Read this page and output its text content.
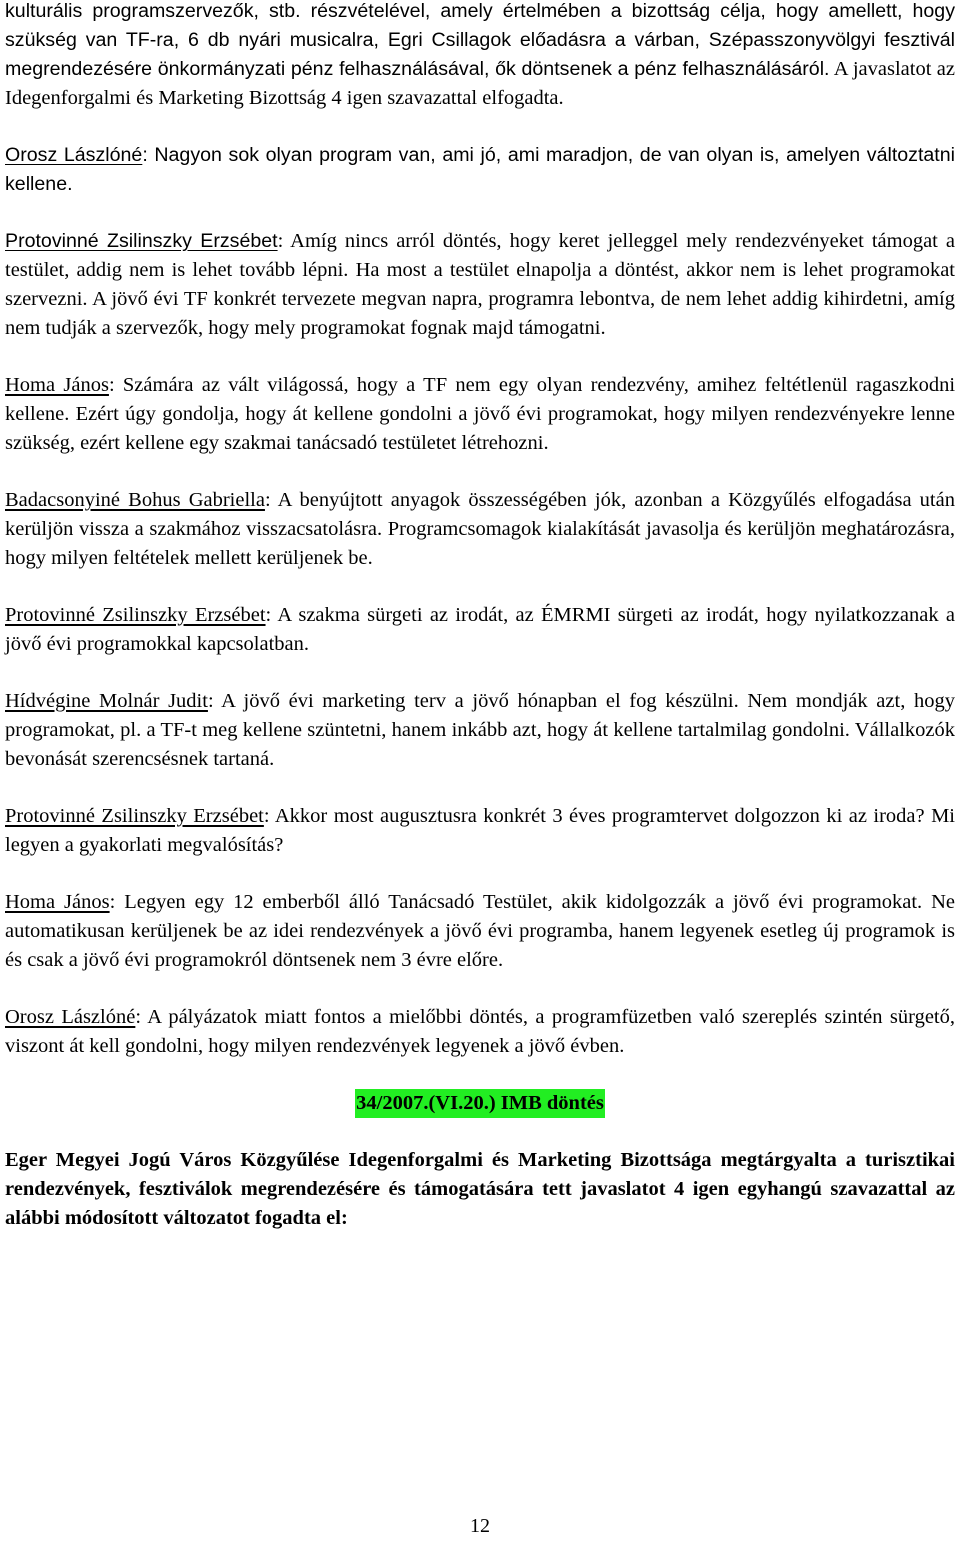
kulturális programszervezők, stb. részvételével, amely értelmében a bizottság célja, hogy amellett, hogy szükség van TF-ra, 6 db nyári musicalra, Egri Csillagok előadásra a várban, Szépasszonyvölgyi fesztivál megrendezésére önkormányzati pénz felhasználásával, ők döntsenek a pénz felhasználásáról. A javaslatot az Idegenforgalmi és Marketing Bizottság 4 igen szavazattal elfogadta.

Orosz Lászlóné: Nagyon sok olyan program van, ami jó, ami maradjon, de van olyan is, amelyen változtatni kellene.

Protovinné Zsilinszky Erzsébet: Amíg nincs arról döntés, hogy keret jelleggel mely rendezvényeket támogat a testület, addig nem is lehet tovább lépni. Ha most a testület elnapolja a döntést, akkor nem is lehet programokat szervezni. A jövő évi TF konkrét tervezete megvan napra, programra lebontva, de nem lehet addig kihirdetni, amíg nem tudják a szervezők, hogy mely programokat fognak majd támogatni.

Homa János: Számára az vált világossá, hogy a TF nem egy olyan rendezvény, amihez feltétlenül ragaszkodni kellene. Ezért úgy gondolja, hogy át kellene gondolni a jövő évi programokat, hogy milyen rendezvényekre lenne szükség, ezért kellene egy szakmai tanácsadó testületet létrehozni.

Badacsonyiné Bohus Gabriella: A benyújtott anyagok összességében jók, azonban a Közgyűlés elfogadása után kerüljön vissza a szakmához visszacsatolásra. Programcsomagok kialakítását javasolja és kerüljön meghatározásra, hogy milyen feltételek mellett kerüljenek be.

Protovinné Zsilinszky Erzsébet: A szakma sürgeti az irodát, az ÉMRMI sürgeti az irodát, hogy nyilatkozzanak a jövő évi programokkal kapcsolatban.

Hídvégine Molnár Judit: A jövő évi marketing terv a jövő hónapban el fog készülni. Nem mondják azt, hogy programokat, pl. a TF-t meg kellene szüntetni, hanem inkább azt, hogy át kellene tartalmilag gondolni. Vállalkozók bevonását szerencsésnek tartaná.

Protovinné Zsilinszky Erzsébet: Akkor most augusztusra konkrét 3 éves programtervet dolgozzon ki az iroda? Mi legyen a gyakorlati megvalósítás?

Homa János: Legyen egy 12 emberből álló Tanácsadó Testület, akik kidolgozzák a jövő évi programokat. Ne automatikusan kerüljenek be az idei rendezvények a jövő évi programba, hanem legyenek esetleg új programok is és csak a jövő évi programokról döntsenek nem 3 évre előre.

Orosz Lászlóné: A pályázatok miatt fontos a mielőbbi döntés, a programfüzetben való szereplés szintén sürgető, viszont át kell gondolni, hogy milyen rendezvények legyenek a jövő évben.

34/2007.(VI.20.) IMB döntés

Eger Megyei Jogú Város Közgyűlése Idegenforgalmi és Marketing Bizottsága megtárgyalta a turisztikai rendezvények, fesztiválok megrendezésére és támogatására tett javaslatot 4 igen egyhangú szavazattal az alábbi módosított változatot fogadta el:

12
